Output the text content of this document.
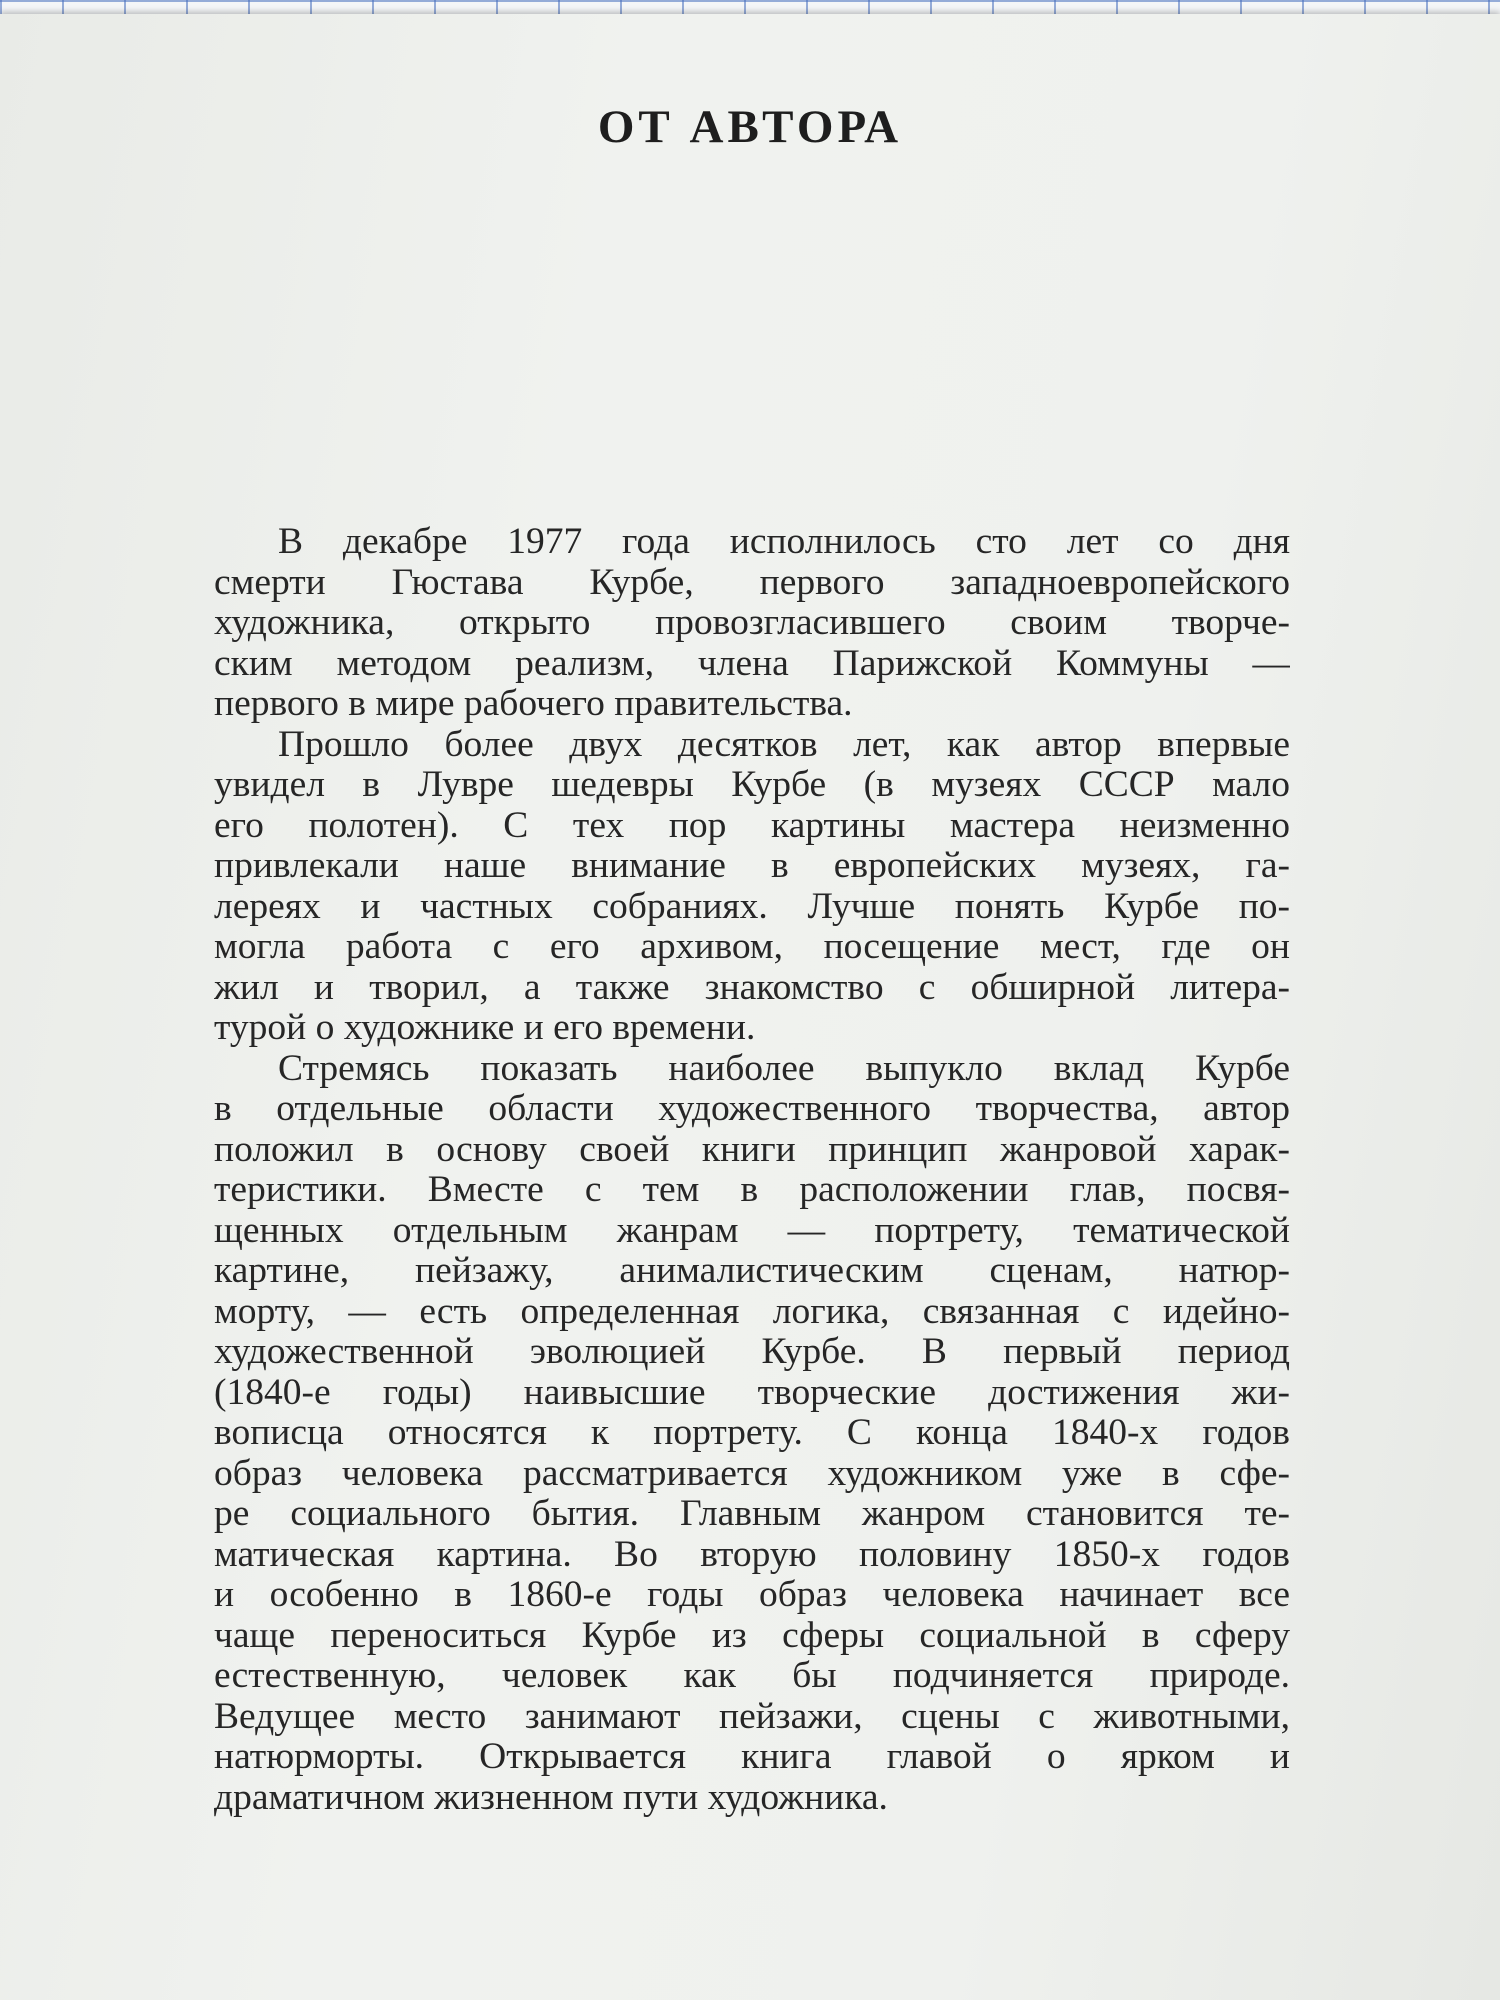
ОТ АВТОРА

В декабре 1977 года исполнилось сто лет со дня
смерти Гюстава Курбе, первого западноевропейского
художника, открыто провозгласившего своим творче-
ским методом реализм, члена Парижской Коммуны —
первого в мире рабочего правительства.

Прошло более двух десятков лет, как автор впервые
увидел в Лувре шедевры Курбе (в музеях СССР мало
его полотен). С тех пор картины мастера неизменно
привлекали наше внимание в европейских музеях, га-
лереях и частных собраниях. Лучше понять Курбе по-
могла работа с его архивом, посещение мест, где он
жил и творил, а также знакомство с обширной литера-
турой о художнике и его времени.

Стремясь показать наиболее выпукло вклад Курбе
в отдельные области художественного творчества, автор
положил в основу своей книги принцип жанровой харак-
теристики. Вместе с тем в расположении глав, посвя-
щенных отдельным жанрам — портрету, тематической
картине, пейзажу, анималистическим сценам, натюр-
морту, — есть определенная логика, связанная с идейно-
художественной эволюцией Курбе. В первый период
(1840-е годы) наивысшие творческие достижения жи-
вописца относятся к портрету. С конца 1840-х годов
образ человека рассматривается художником уже в сфе-
ре социального бытия. Главным жанром становится те-
матическая картина. Во вторую половину 1850-х годов
и особенно в 1860-е годы образ человека начинает все
чаще переноситься Курбе из сферы социальной в сферу
естественную, человек как бы подчиняется природе.
Ведущее место занимают пейзажи, сцены с животными,
натюрморты. Открывается книга главой о ярком и
драматичном жизненном пути художника.
